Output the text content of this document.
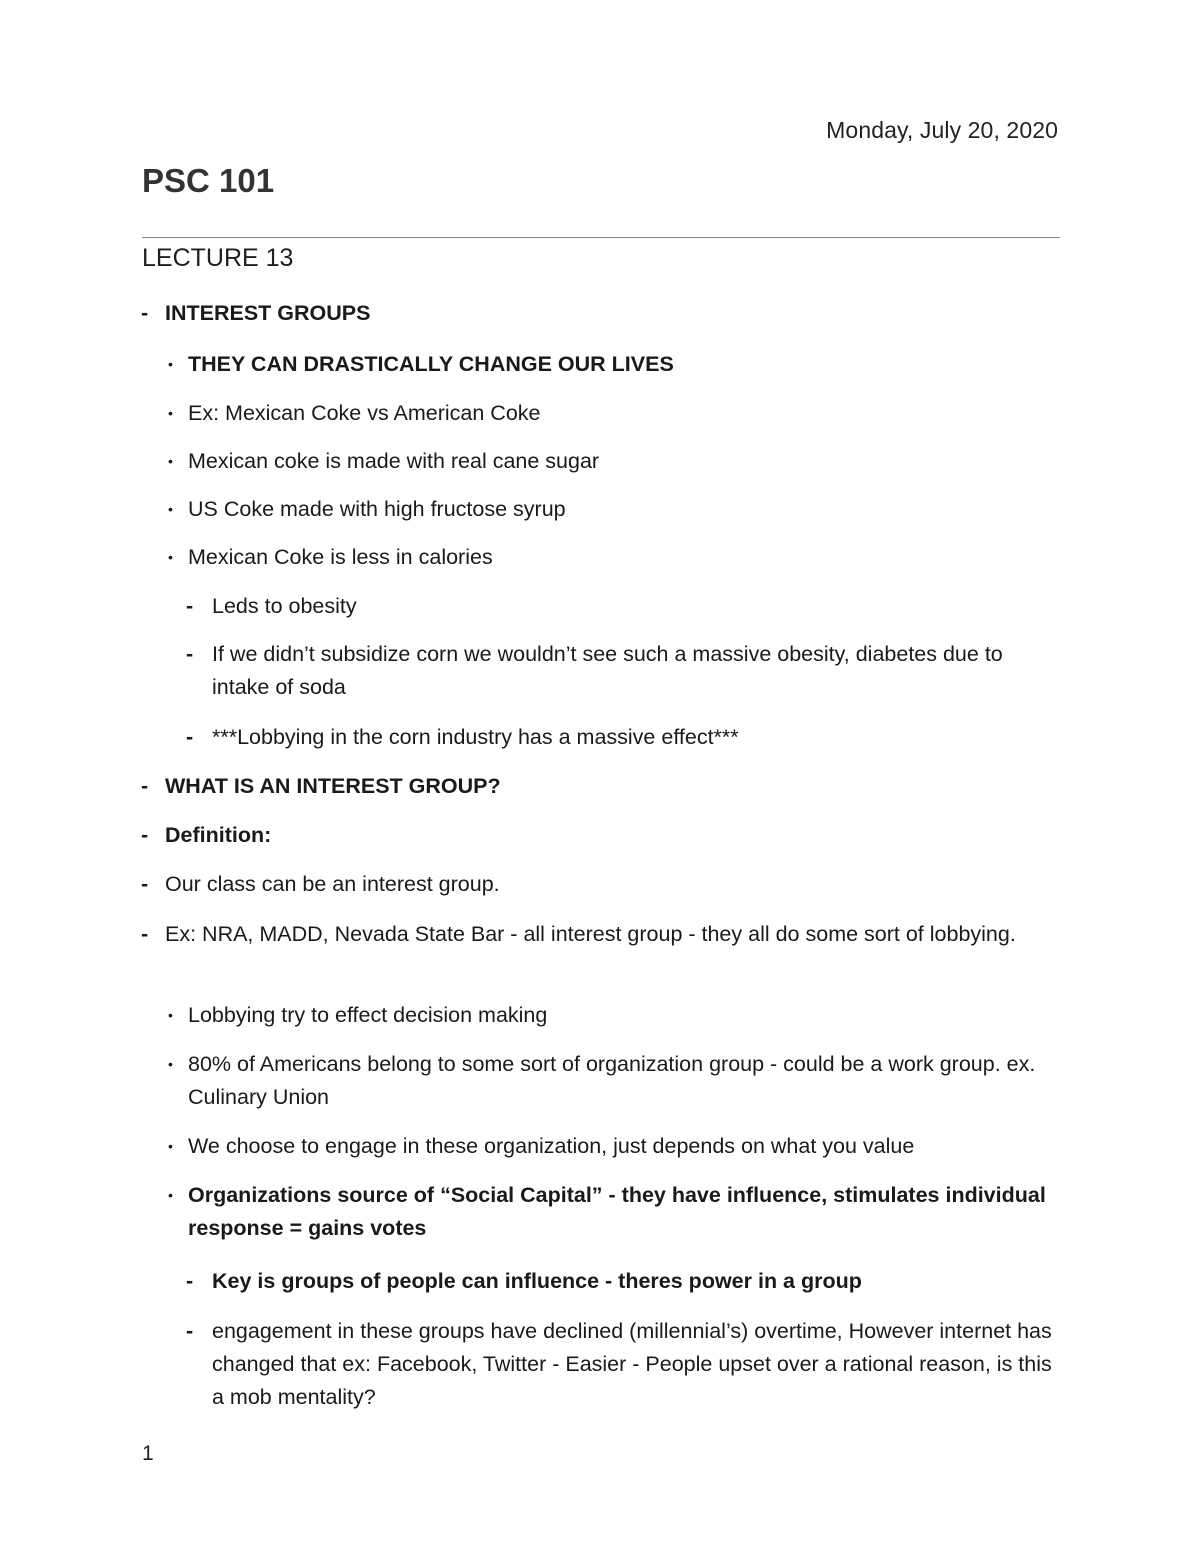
Monday, July 20, 2020
PSC 101
LECTURE 13
- INTEREST GROUPS
• THEY CAN DRASTICALLY CHANGE OUR LIVES
• Ex: Mexican Coke vs American Coke
• Mexican coke is made with real cane sugar
• US Coke made with high fructose syrup
• Mexican Coke is less in calories
- Leds to obesity
- If we didn’t subsidize corn we wouldn’t see such a massive obesity, diabetes due to intake of soda
- ***Lobbying in the corn industry has a massive effect***
- WHAT IS AN INTEREST GROUP?
- Definition:
- Our class can be an interest group.
- Ex: NRA, MADD, Nevada State Bar - all interest group - they all do some sort of lobbying.
• Lobbying try to effect decision making
• 80% of Americans belong to some sort of organization group - could be a work group. ex. Culinary Union
• We choose to engage in these organization, just depends on what you value
• Organizations source of “Social Capital” - they have influence, stimulates individual response = gains votes
- Key is groups of people can influence - theres power in a group
- engagement in these groups have declined (millennial’s) overtime, However internet has changed that ex: Facebook, Twitter - Easier - People upset over a rational reason, is this a mob mentality?
1
